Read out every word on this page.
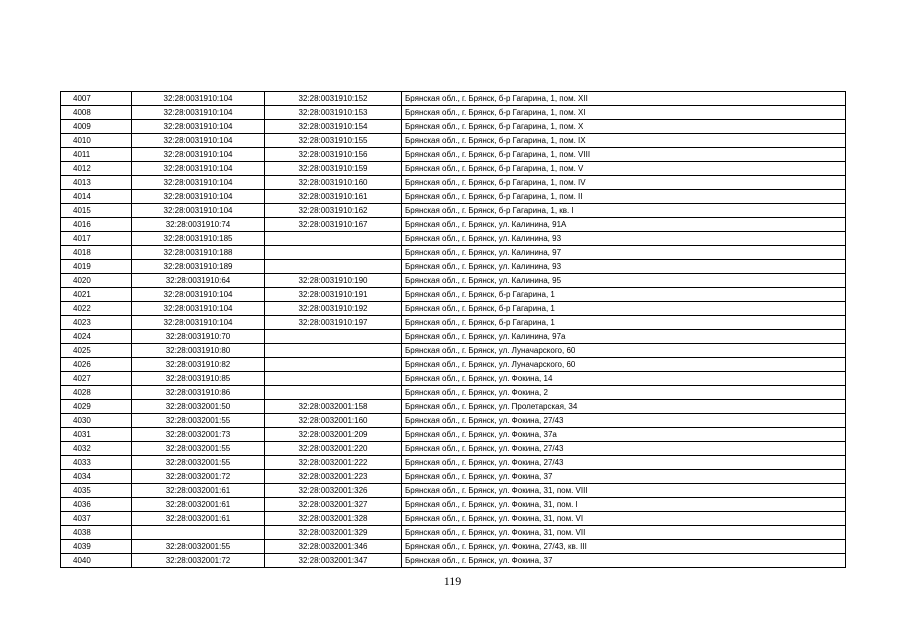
4007	32:28:0031910:104	32:28:0031910:152	Брянская обл., г. Брянск, б-р Гагарина, 1, пом. XII
4008	32:28:0031910:104	32:28:0031910:153	Брянская обл., г. Брянск, б-р Гагарина, 1, пом. XI
4009	32:28:0031910:104	32:28:0031910:154	Брянская обл., г. Брянск, б-р Гагарина, 1, пом. X
4010	32:28:0031910:104	32:28:0031910:155	Брянская обл., г. Брянск, б-р Гагарина, 1, пом. IX
4011	32:28:0031910:104	32:28:0031910:156	Брянская обл., г. Брянск, б-р Гагарина, 1, пом. VIII
4012	32:28:0031910:104	32:28:0031910:159	Брянская обл., г. Брянск, б-р Гагарина, 1, пом. V
4013	32:28:0031910:104	32:28:0031910:160	Брянская обл., г. Брянск, б-р Гагарина, 1, пом. IV
4014	32:28:0031910:104	32:28:0031910:161	Брянская обл., г. Брянск, б-р Гагарина, 1, пом. II
4015	32:28:0031910:104	32:28:0031910:162	Брянская обл., г. Брянск, б-р Гагарина, 1, кв. I
4016	32:28:0031910:74	32:28:0031910:167	Брянская обл., г. Брянск, ул. Калинина, 91А
4017	32:28:0031910:185		Брянская обл., г. Брянск, ул. Калинина, 93
4018	32:28:0031910:188		Брянская обл., г. Брянск, ул. Калинина, 97
4019	32:28:0031910:189		Брянская обл., г. Брянск, ул. Калинина, 93
4020	32:28:0031910:64	32:28:0031910:190	Брянская обл., г. Брянск, ул. Калинина, 95
4021	32:28:0031910:104	32:28:0031910:191	Брянская обл., г. Брянск, б-р Гагарина, 1
4022	32:28:0031910:104	32:28:0031910:192	Брянская обл., г. Брянск, б-р Гагарина, 1
4023	32:28:0031910:104	32:28:0031910:197	Брянская обл., г. Брянск, б-р Гагарина, 1
4024	32:28:0031910:70		Брянская обл., г. Брянск, ул. Калинина, 97а
4025	32:28:0031910:80		Брянская обл., г. Брянск, ул. Луначарского, 60
4026	32:28:0031910:82		Брянская обл., г. Брянск, ул. Луначарского, 60
4027	32:28:0031910:85		Брянская обл., г. Брянск, ул. Фокина, 14
4028	32:28:0031910:86		Брянская обл., г. Брянск, ул. Фокина, 2
4029	32:28:0032001:50	32:28:0032001:158	Брянская обл., г. Брянск, ул. Пролетарская, 34
4030	32:28:0032001:55	32:28:0032001:160	Брянская обл., г. Брянск, ул. Фокина, 27/43
4031	32:28:0032001:73	32:28:0032001:209	Брянская обл., г. Брянск, ул. Фокина, 37а
4032	32:28:0032001:55	32:28:0032001:220	Брянская обл., г. Брянск, ул. Фокина, 27/43
4033	32:28:0032001:55	32:28:0032001:222	Брянская обл., г. Брянск, ул. Фокина, 27/43
4034	32:28:0032001:72	32:28:0032001:223	Брянская обл., г. Брянск, ул. Фокина, 37
4035	32:28:0032001:61	32:28:0032001:326	Брянская обл., г. Брянск, ул. Фокина, 31, пом. VIII
4036	32:28:0032001:61	32:28:0032001:327	Брянская обл., г. Брянск, ул. Фокина, 31, пом. I
4037	32:28:0032001:61	32:28:0032001:328	Брянская обл., г. Брянск, ул. Фокина, 31, пом. VI
4038		32:28:0032001:329	Брянская обл., г. Брянск, ул. Фокина, 31, пом. VII
4039	32:28:0032001:55	32:28:0032001:346	Брянская обл., г. Брянск, ул. Фокина, 27/43, кв. III
4040	32:28:0032001:72	32:28:0032001:347	Брянская обл., г. Брянск, ул. Фокина, 37
119
